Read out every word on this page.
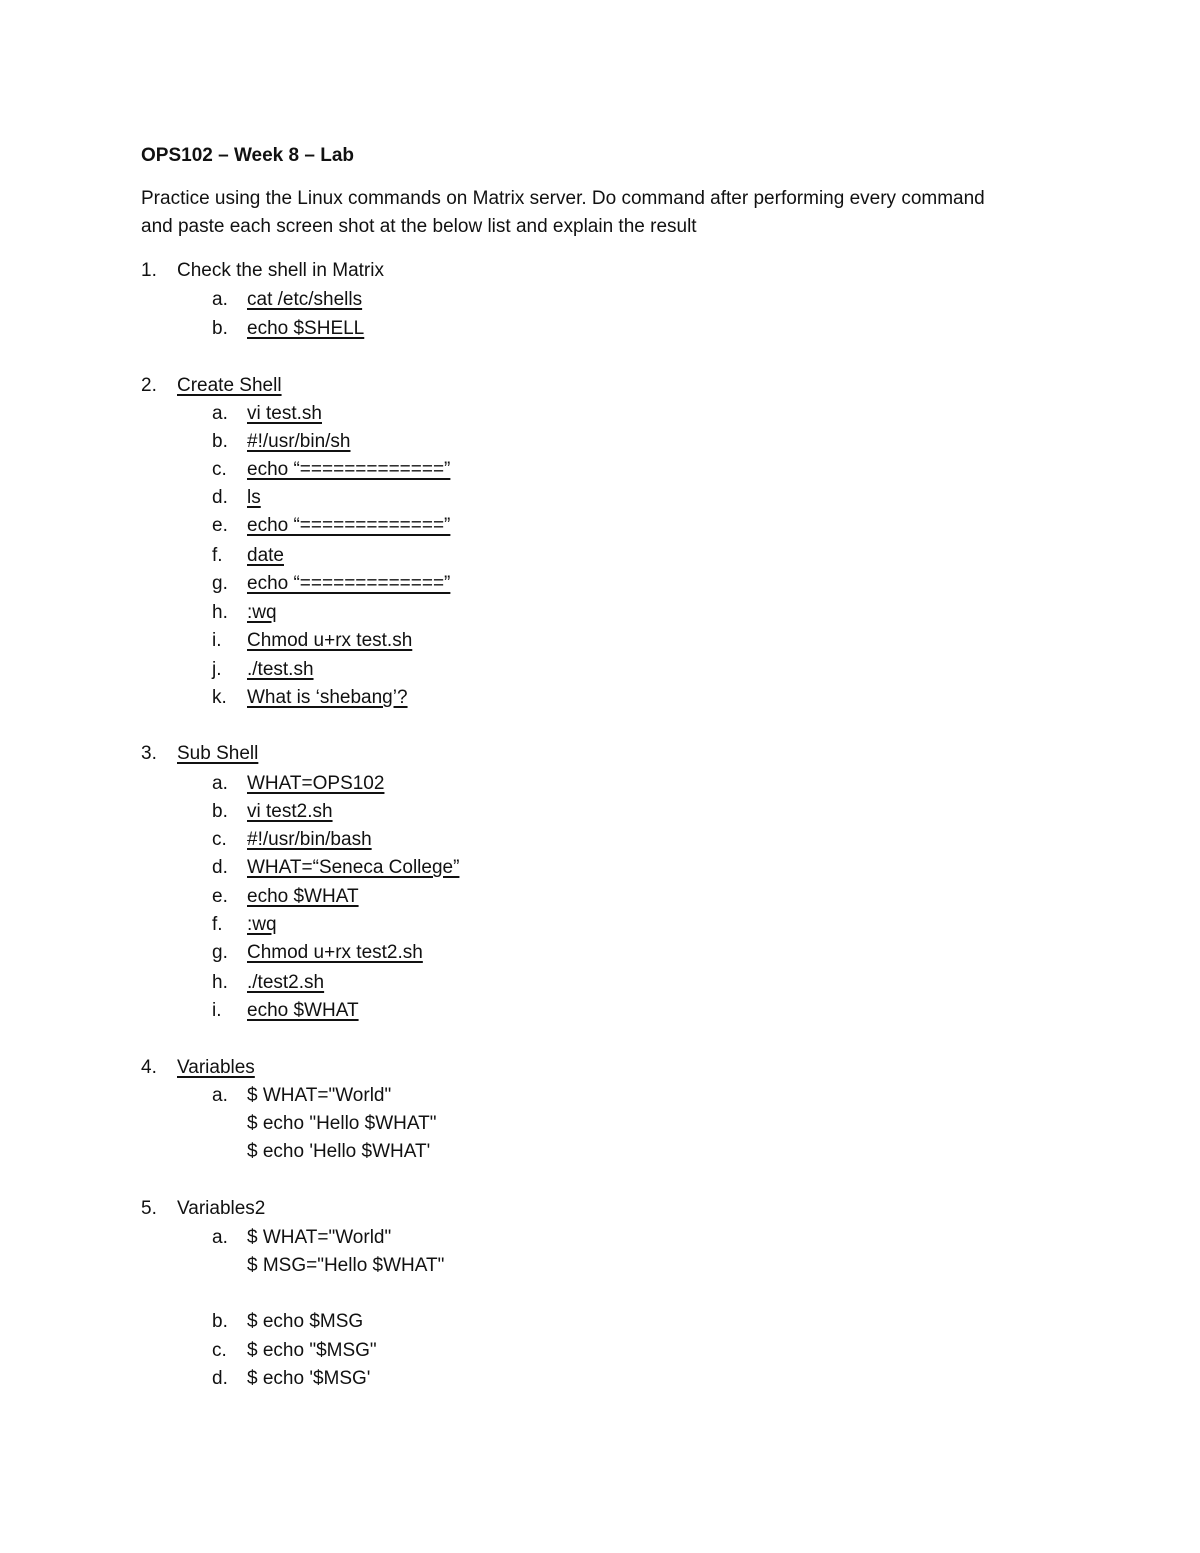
OPS102 – Week 8 – Lab
Practice using the Linux commands on Matrix server. Do command after performing every command
and paste each screen shot at the below list and explain the result
1. Check the shell in Matrix
a. cat /etc/shells
b. echo $SHELL
2. Create Shell
a. vi test.sh
b. #!/usr/bin/sh
c. echo “=============”
d. ls
e. echo “=============”
f. date
g. echo “=============”
h. :wq
i. Chmod u+rx test.sh
j. ./test.sh
k. What is ‘shebang’?
3. Sub Shell
a. WHAT=OPS102
b. vi test2.sh
c. #!/usr/bin/bash
d. WHAT=“Seneca College”
e. echo $WHAT
f. :wq
g. Chmod u+rx test2.sh
h. ./test2.sh
i. echo $WHAT
4. Variables
a. $ WHAT="World"
$ echo "Hello $WHAT"
$ echo 'Hello $WHAT'
5. Variables2
a. $ WHAT="World"
$ MSG="Hello $WHAT"
b. $ echo $MSG
c. $ echo "$MSG"
d. $ echo '$MSG'
